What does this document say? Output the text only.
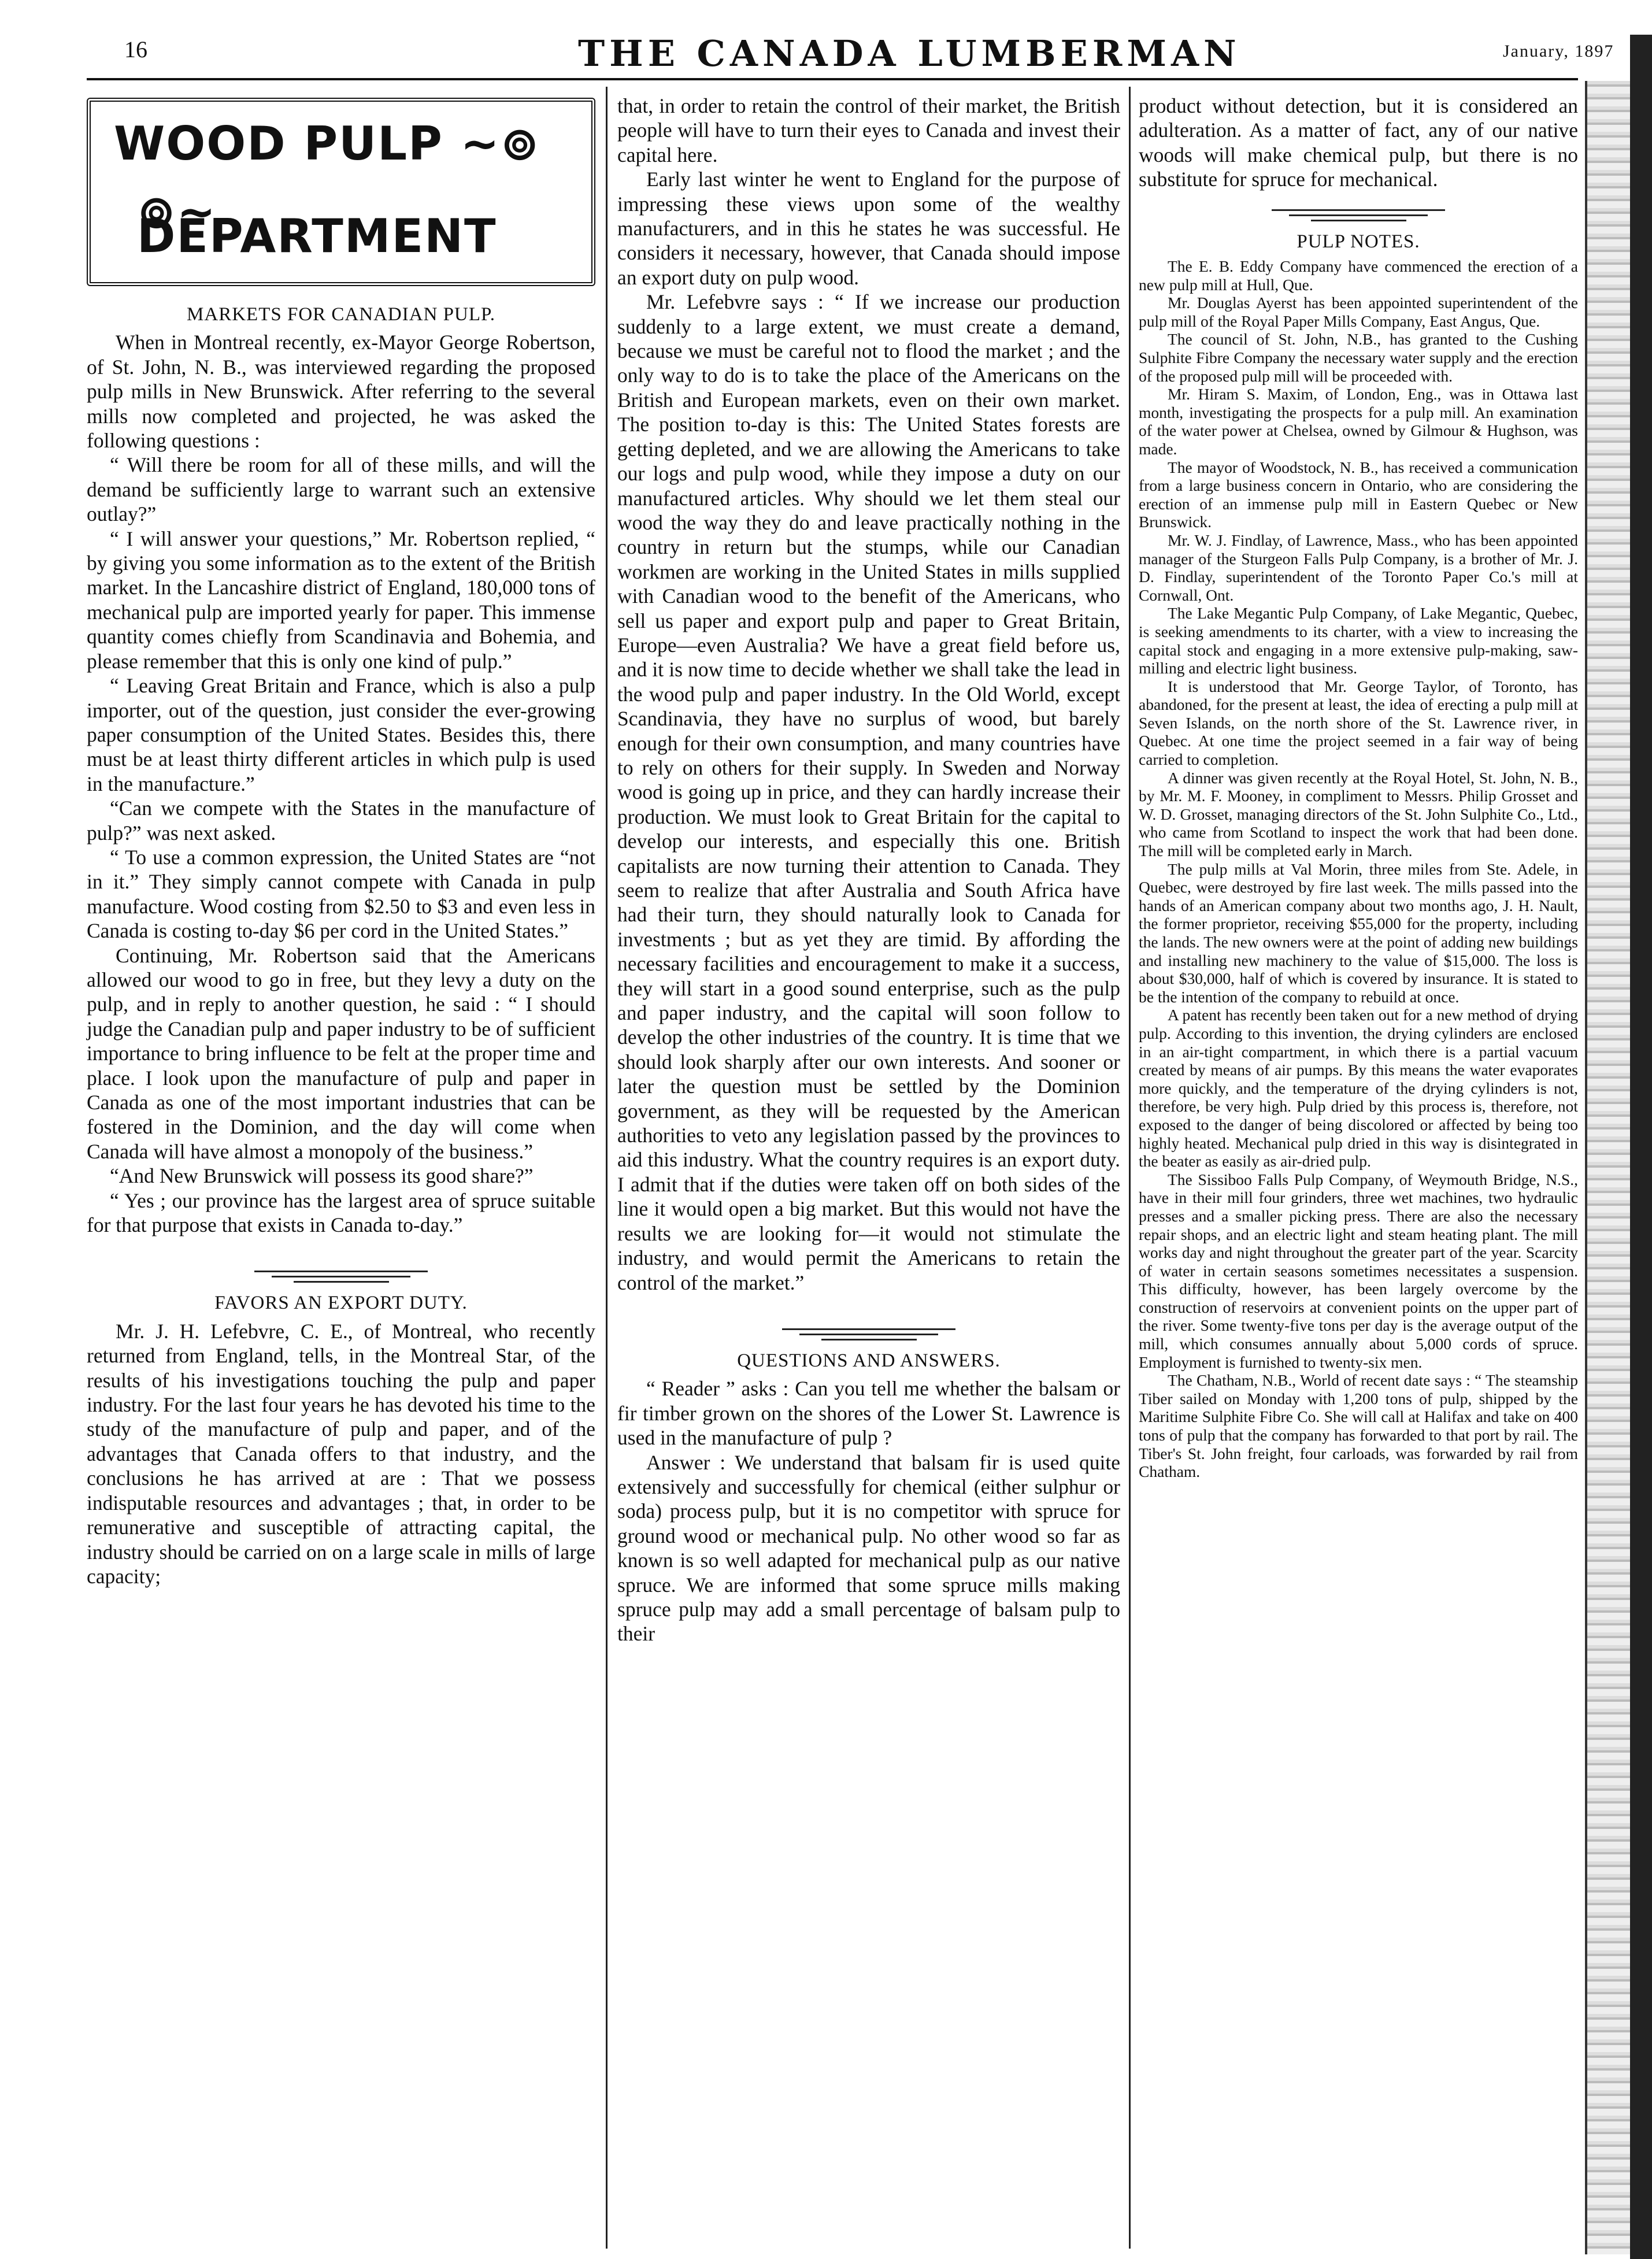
16	THE CANADA LUMBERMAN	January, 1897
WOOD PULP ~⊚
⊚~ DEPARTMENT
MARKETS FOR CANADIAN PULP.

When in Montreal recently, ex-Mayor George Robertson, of St. John, N. B., was interviewed regarding the proposed pulp mills in New Brunswick. After referring to the several mills now completed and projected, he was asked the following questions :

“ Will there be room for all of these mills, and will the demand be sufficiently large to warrant such an extensive outlay?”

“ I will answer your questions,” Mr. Robertson replied, “ by giving you some information as to the extent of the British market. In the Lancashire district of England, 180,000 tons of mechanical pulp are imported yearly for paper. This immense quantity comes chiefly from Scandinavia and Bohemia, and please remember that this is only one kind of pulp.”

“ Leaving Great Britain and France, which is also a pulp importer, out of the question, just consider the ever-growing paper consumption of the United States. Besides this, there must be at least thirty different articles in which pulp is used in the manufacture.”

“Can we compete with the States in the manufacture of pulp?” was next asked.

“ To use a common expression, the United States are “not in it.” They simply cannot compete with Canada in pulp manufacture. Wood costing from $2.50 to $3 and even less in Canada is costing to-day $6 per cord in the United States.”

Continuing, Mr. Robertson said that the Americans allowed our wood to go in free, but they levy a duty on the pulp, and in reply to another question, he said : “ I should judge the Canadian pulp and paper industry to be of sufficient importance to bring influence to be felt at the proper time and place. I look upon the manufacture of pulp and paper in Canada as one of the most important industries that can be fostered in the Dominion, and the day will come when Canada will have almost a monopoly of the business.”

“And New Brunswick will possess its good share?”

“ Yes ; our province has the largest area of spruce suitable for that purpose that exists in Canada to-day.”

FAVORS AN EXPORT DUTY.

Mr. J. H. Lefebvre, C. E., of Montreal, who recently returned from England, tells, in the Montreal Star, of the results of his investigations touching the pulp and paper industry. For the last four years he has devoted his time to the study of the manufacture of pulp and paper, and of the advantages that Canada offers to that industry, and the conclusions he has arrived at are : That we possess indisputable resources and advantages ; that, in order to be remunerative and susceptible of attracting capital, the industry should be carried on on a large scale in mills of large capacity;

that, in order to retain the control of their market, the British people will have to turn their eyes to Canada and invest their capital here.

Early last winter he went to England for the purpose of impressing these views upon some of the wealthy manufacturers, and in this he states he was successful. He considers it necessary, however, that Canada should impose an export duty on pulp wood.

Mr. Lefebvre says : “ If we increase our production suddenly to a large extent, we must create a demand, because we must be careful not to flood the market ; and the only way to do is to take the place of the Americans on the British and European markets, even on their own market. The position to-day is this: The United States forests are getting depleted, and we are allowing the Americans to take our logs and pulp wood, while they impose a duty on our manufactured articles. Why should we let them steal our wood the way they do and leave practically nothing in the country in return but the stumps, while our Canadian workmen are working in the United States in mills supplied with Canadian wood to the benefit of the Americans, who sell us paper and export pulp and paper to Great Britain, Europe—even Australia? We have a great field before us, and it is now time to decide whether we shall take the lead in the wood pulp and paper industry. In the Old World, except Scandinavia, they have no surplus of wood, but barely enough for their own consumption, and many countries have to rely on others for their supply. In Sweden and Norway wood is going up in price, and they can hardly increase their production. We must look to Great Britain for the capital to develop our interests, and especially this one. British capitalists are now turning their attention to Canada. They seem to realize that after Australia and South Africa have had their turn, they should naturally look to Canada for investments ; but as yet they are timid. By affording the necessary facilities and encouragement to make it a success, they will start in a good sound enterprise, such as the pulp and paper industry, and the capital will soon follow to develop the other industries of the country. It is time that we should look sharply after our own interests. And sooner or later the question must be settled by the Dominion government, as they will be requested by the American authorities to veto any legislation passed by the provinces to aid this industry. What the country requires is an export duty. I admit that if the duties were taken off on both sides of the line it would open a big market. But this would not have the results we are looking for—it would not stimulate the industry, and would permit the Americans to retain the control of the market.”

QUESTIONS AND ANSWERS.

“ Reader ” asks : Can you tell me whether the balsam or fir timber grown on the shores of the Lower St. Lawrence is used in the manufacture of pulp ?

Answer : We understand that balsam fir is used quite extensively and successfully for chemical (either sulphur or soda) process pulp, but it is no competitor with spruce for ground wood or mechanical pulp. No other wood so far as known is so well adapted for mechanical pulp as our native spruce. We are informed that some spruce mills making spruce pulp may add a small percentage of balsam pulp to their

product without detection, but it is considered an adulteration. As a matter of fact, any of our native woods will make chemical pulp, but there is no substitute for spruce for mechanical.

PULP NOTES.

The E. B. Eddy Company have commenced the erection of a new pulp mill at Hull, Que.

Mr. Douglas Ayerst has been appointed superintendent of the pulp mill of the Royal Paper Mills Company, East Angus, Que.

The council of St. John, N.B., has granted to the Cushing Sulphite Fibre Company the necessary water supply and the erection of the proposed pulp mill will be proceeded with.

Mr. Hiram S. Maxim, of London, Eng., was in Ottawa last month, investigating the prospects for a pulp mill. An examination of the water power at Chelsea, owned by Gilmour & Hughson, was made.

The mayor of Woodstock, N. B., has received a communication from a large business concern in Ontario, who are considering the erection of an immense pulp mill in Eastern Quebec or New Brunswick.

Mr. W. J. Findlay, of Lawrence, Mass., who has been appointed manager of the Sturgeon Falls Pulp Company, is a brother of Mr. J. D. Findlay, superintendent of the Toronto Paper Co.'s mill at Cornwall, Ont.

The Lake Megantic Pulp Company, of Lake Megantic, Quebec, is seeking amendments to its charter, with a view to increasing the capital stock and engaging in a more extensive pulp-making, saw-milling and electric light business.

It is understood that Mr. George Taylor, of Toronto, has abandoned, for the present at least, the idea of erecting a pulp mill at Seven Islands, on the north shore of the St. Lawrence river, in Quebec. At one time the project seemed in a fair way of being carried to completion.

A dinner was given recently at the Royal Hotel, St. John, N. B., by Mr. M. F. Mooney, in compliment to Messrs. Philip Grosset and W. D. Grosset, managing directors of the St. John Sulphite Co., Ltd., who came from Scotland to inspect the work that had been done. The mill will be completed early in March.

The pulp mills at Val Morin, three miles from Ste. Adele, in Quebec, were destroyed by fire last week. The mills passed into the hands of an American company about two months ago, J. H. Nault, the former proprietor, receiving $55,000 for the property, including the lands. The new owners were at the point of adding new buildings and installing new machinery to the value of $15,000. The loss is about $30,000, half of which is covered by insurance. It is stated to be the intention of the company to rebuild at once.

A patent has recently been taken out for a new method of drying pulp. According to this invention, the drying cylinders are enclosed in an air-tight compartment, in which there is a partial vacuum created by means of air pumps. By this means the water evaporates more quickly, and the temperature of the drying cylinders is not, therefore, be very high. Pulp dried by this process is, therefore, not exposed to the danger of being discolored or affected by being too highly heated. Mechanical pulp dried in this way is disintegrated in the beater as easily as air-dried pulp.

The Sissiboo Falls Pulp Company, of Weymouth Bridge, N.S., have in their mill four grinders, three wet machines, two hydraulic presses and a smaller picking press. There are also the necessary repair shops, and an electric light and steam heating plant. The mill works day and night throughout the greater part of the year. Scarcity of water in certain seasons sometimes necessitates a suspension. This difficulty, however, has been largely overcome by the construction of reservoirs at convenient points on the upper part of the river. Some twenty-five tons per day is the average output of the mill, which consumes annually about 5,000 cords of spruce. Employment is furnished to twenty-six men.

The Chatham, N.B., World of recent date says : “ The steamship Tiber sailed on Monday with 1,200 tons of pulp, shipped by the Maritime Sulphite Fibre Co. She will call at Halifax and take on 400 tons of pulp that the company has forwarded to that port by rail. The Tiber's St. John freight, four carloads, was forwarded by rail from Chatham.
